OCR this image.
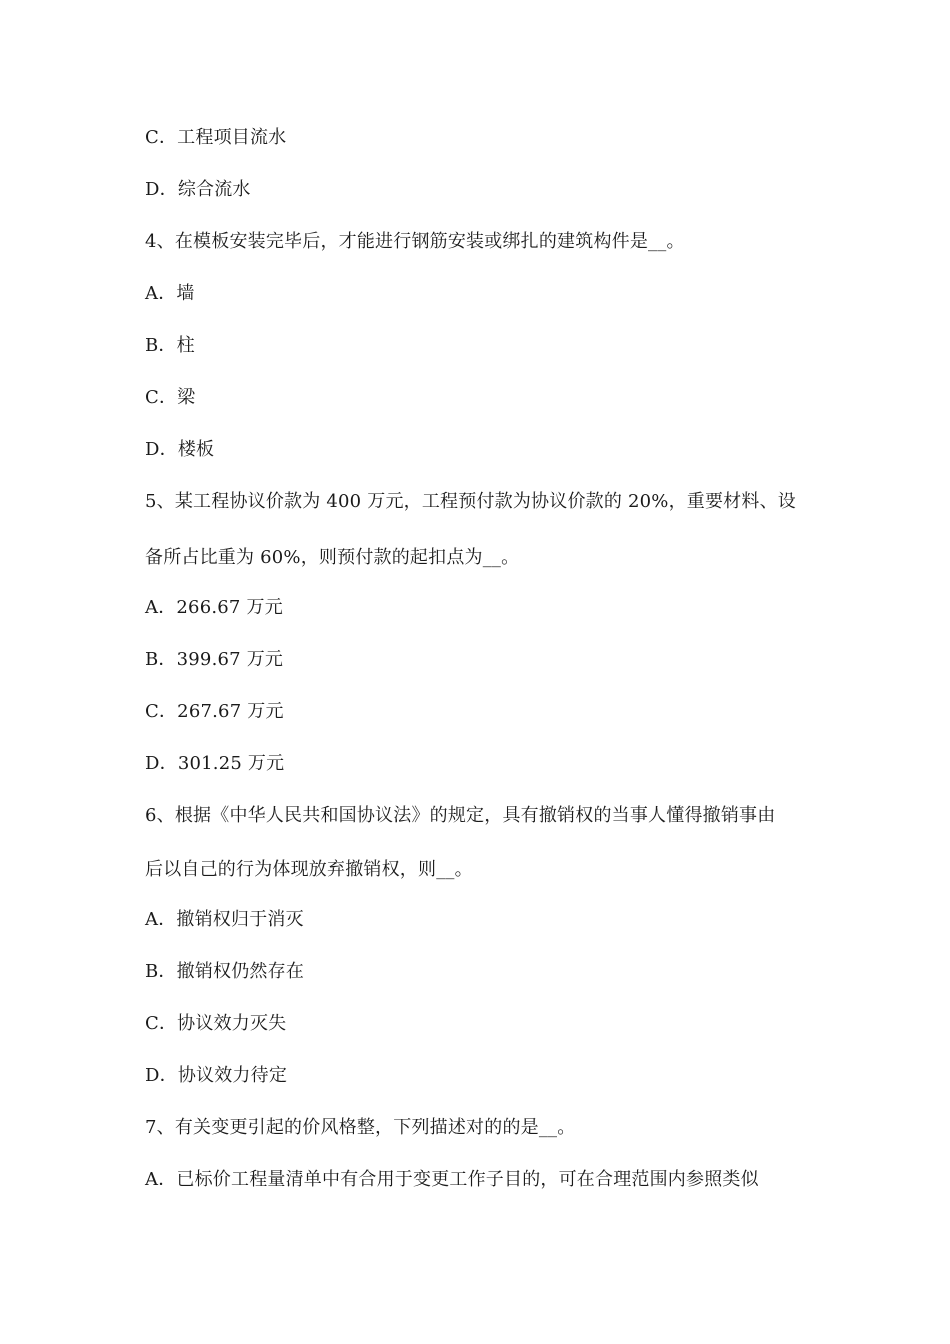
C．工程项目流水
D．综合流水
4、在模板安装完毕后，才能进行钢筋安装或绑扎的建筑构件是__。
A．墙
B．柱
C．梁
D．楼板
5、某工程协议价款为 400 万元，工程预付款为协议价款的 20%，重要材料、设
备所占比重为 60%，则预付款的起扣点为__。
A．266.67 万元
B．399.67 万元
C．267.67 万元
D．301.25 万元
6、根据《中华人民共和国协议法》的规定，具有撤销权的当事人懂得撤销事由
后以自己的行为体现放弃撤销权，则__。
A．撤销权归于消灭
B．撤销权仍然存在
C．协议效力灭失
D．协议效力待定
7、有关变更引起的价风格整，下列描述对的的是__。
A．已标价工程量清单中有合用于变更工作子目的，可在合理范围内参照类似
